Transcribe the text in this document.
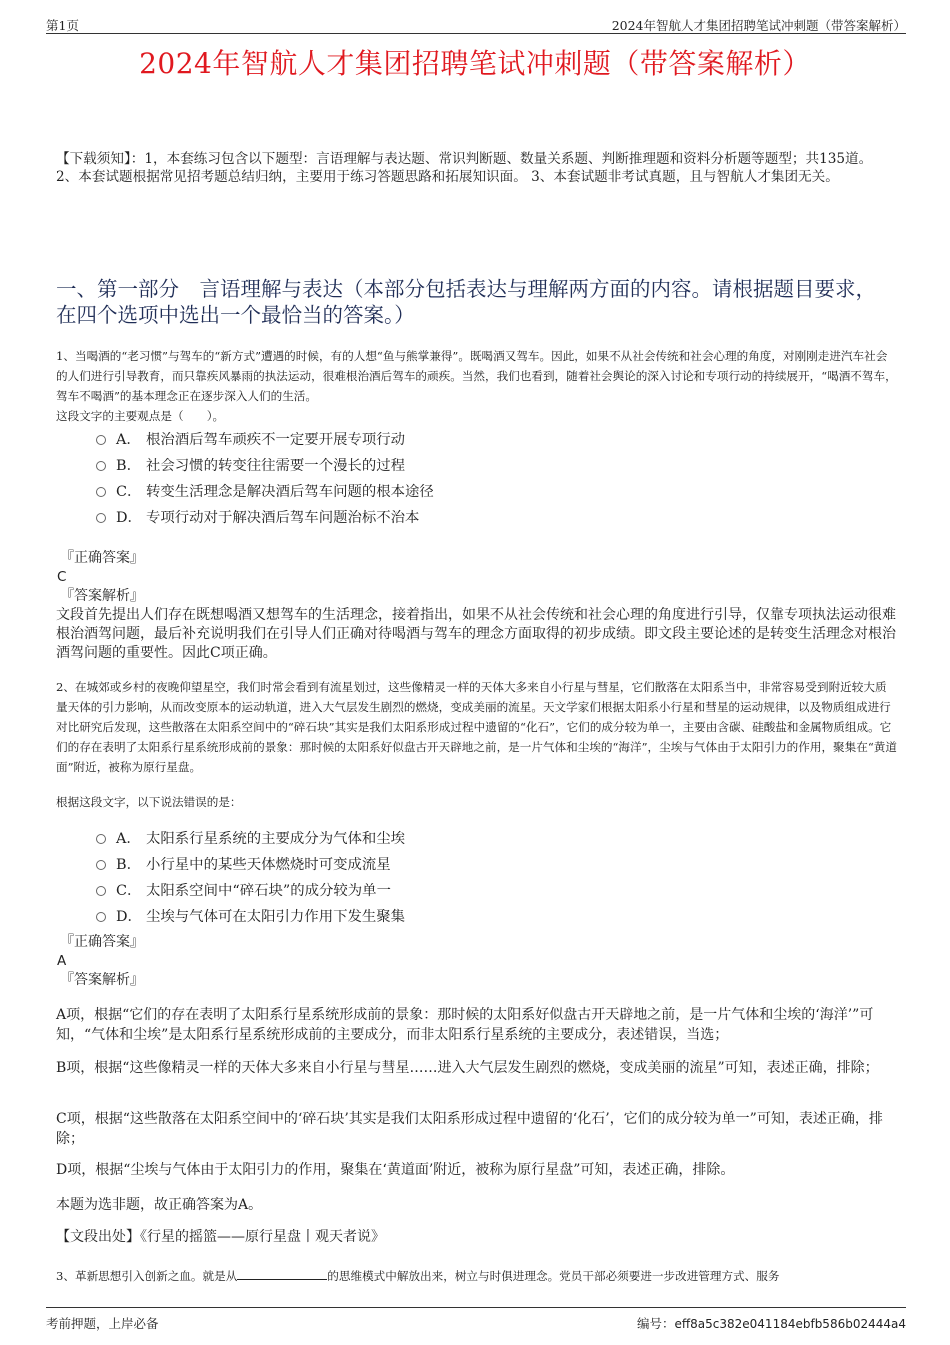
第1页	2024年智航人才集团招聘笔试冲刺题（带答案解析）
2024年智航人才集团招聘笔试冲刺题（带答案解析）
【下载须知】：1，本套练习包含以下题型：言语理解与表达题、常识判断题、数量关系题、判断推理题和资料分析题等题型；共135道。 2、本套试题根据常见招考题总结归纳，主要用于练习答题思路和拓展知识面。 3、本套试题非考试真题，且与智航人才集团无关。
一、第一部分　言语理解与表达（本部分包括表达与理解两方面的内容。请根据题目要求，在四个选项中选出一个最恰当的答案。）
1、当喝酒的“老习惯”与驾车的“新方式”遭遇的时候，有的人想“鱼与熊掌兼得”。既喝酒又驾车。因此，如果不从社会传统和社会心理的角度，对刚刚走进汽车社会的人们进行引导教育，而只靠疾风暴雨的执法运动，很难根治酒后驾车的顽疾。当然，我们也看到，随着社会舆论的深入讨论和专项行动的持续展开，“喝酒不驾车，驾车不喝酒”的基本理念正在逐步深入人们的生活。
这段文字的主要观点是（　　）。
A． 根治酒后驾车顽疾不一定要开展专项行动
B． 社会习惯的转变往往需要一个漫长的过程
C． 转变生活理念是解决酒后驾车问题的根本途径
D． 专项行动对于解决酒后驾车问题治标不治本
『正确答案』
C
『答案解析』
文段首先提出人们存在既想喝酒又想驾车的生活理念，接着指出，如果不从社会传统和社会心理的角度进行引导，仅靠专项执法运动很难根治酒驾问题，最后补充说明我们在引导人们正确对待喝酒与驾车的理念方面取得的初步成绩。即文段主要论述的是转变生活理念对根治酒驾问题的重要性。因此C项正确。
2、在城郊或乡村的夜晚仰望星空，我们时常会看到有流星划过，这些像精灵一样的天体大多来自小行星与彗星，它们散落在太阳系当中，非常容易受到附近较大质量天体的引力影响，从而改变原本的运动轨道，进入大气层发生剧烈的燃烧，变成美丽的流星。天文学家们根据太阳系小行星和彗星的运动规律，以及物质组成进行对比研究后发现，这些散落在太阳系空间中的“碎石块”其实是我们太阳系形成过程中遗留的“化石”，它们的成分较为单一，主要由含碳、硅酸盐和金属物质组成。它们的存在表明了太阳系行星系统形成前的景象：那时候的太阳系好似盘古开天辟地之前，是一片气体和尘埃的“海洋”，尘埃与气体由于太阳引力的作用，聚集在“黄道面”附近，被称为原行星盘。
根据这段文字，以下说法错误的是：
A． 太阳系行星系统的主要成分为气体和尘埃
B． 小行星中的某些天体燃烧时可变成流星
C． 太阳系空间中“碎石块”的成分较为单一
D． 尘埃与气体可在太阳引力作用下发生聚集
『正确答案』
A
『答案解析』
A项，根据“它们的存在表明了太阳系行星系统形成前的景象：那时候的太阳系好似盘古开天辟地之前，是一片气体和尘埃的‘海洋’”可知，“气体和尘埃”是太阳系行星系统形成前的主要成分，而非太阳系行星系统的主要成分，表述错误，当选；
B项，根据“这些像精灵一样的天体大多来自小行星与彗星……进入大气层发生剧烈的燃烧，变成美丽的流星”可知，表述正确，排除；
C项，根据“这些散落在太阳系空间中的‘碎石块’其实是我们太阳系形成过程中遗留的‘化石’，它们的成分较为单一”可知，表述正确，排除；
D项，根据“尘埃与气体由于太阳引力的作用，聚集在‘黄道面’附近，被称为原行星盘”可知，表述正确，排除。
本题为选非题，故正确答案为A。
【文段出处】《行星的摇篮——原行星盘丨观天者说》
3、革新思想引入创新之血。就是从	的思维模式中解放出来，树立与时俱进理念。党员干部必须要进一步改进管理方式、服务
考前押题，上岸必备	编号：eff8a5c382e041184ebfb586b02444a4
